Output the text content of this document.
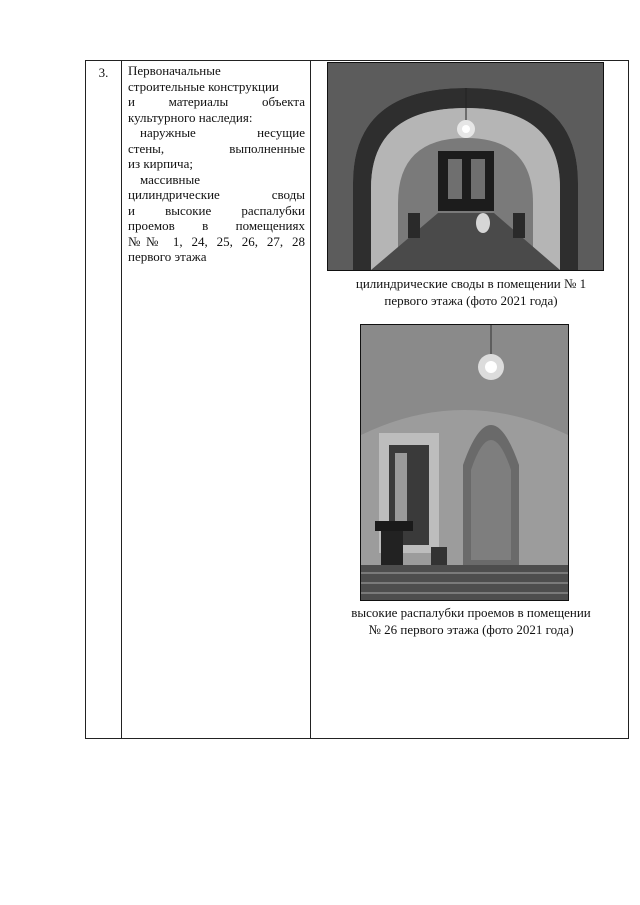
3.	Первоначальные

строительные конструкции

и материалы объекта

культурного наследия:

наружные несущие

стены, выполненные

из кирпича;

массивные

цилиндрические своды

и высокие распалубки

проемов в помещениях

№№ 1, 24, 25, 26, 27, 28

первого этажа

цилиндрические своды в помещении № 1
первого этажа (фото 2021 года)
высокие распалубки проемов в помещении
№ 26 первого этажа (фото 2021 года)
